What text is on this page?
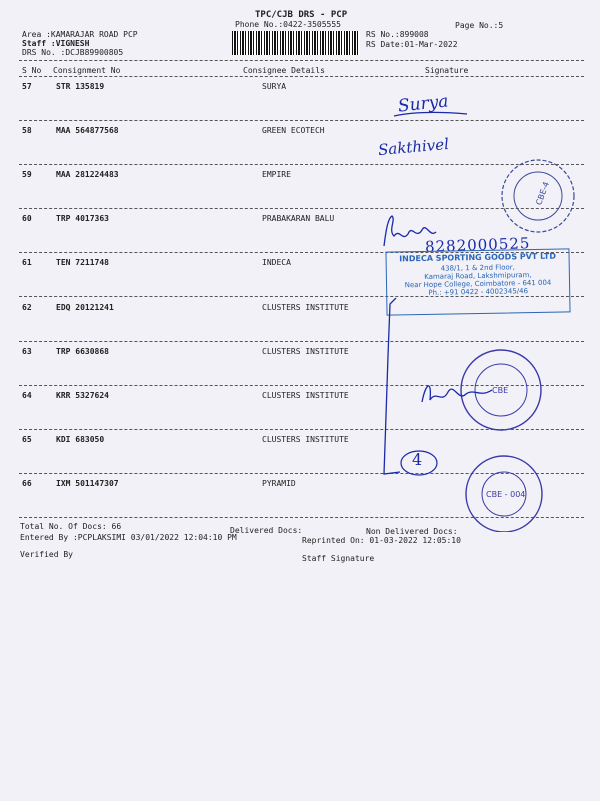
TPC/CJB DRS - PCP
Phone No.:0422-3505555	Page No.:5
Area :KAMARAJAR ROAD PCP
Staff :VIGNESH
DRS No. :DCJB89900805
RS No.:899008
RS Date:01-Mar-2022
S No Consignment No	Consignee Details	Signature
57	STR 135819	SURYA
58	MAA 564877568	GREEN ECOTECH
59	MAA 281224483	EMPIRE
60	TRP 4017363	PRABAKARAN BALU
61	TEN 7211748	INDECA
62	EDQ 20121241	CLUSTERS INSTITUTE
63	TRP 6630868	CLUSTERS INSTITUTE
64	KRR 5327624	CLUSTERS INSTITUTE
65	KDI 683050	CLUSTERS INSTITUTE
66	IXM 501147307	PYRAMID
Surya
Sakthivel
8282000525
CBE-4
INDECA SPORTING GOODS PVT LTD
438/1, 1 & 2nd Floor,
Kamaraj Road, Lakshmipuram,
Near Hope College, Coimbatore - 641 004
Ph.: +91 0422 - 4002345/46
CBE
4
CBE - 004
Total No. Of Docs: 66	Delivered Docs:	Non Delivered Docs:
Entered By :PCPLAKSIMI 03/01/2022 12:04:10 PM	Reprinted On: 01-03-2022 12:05:10
Verified By	Staff Signature
